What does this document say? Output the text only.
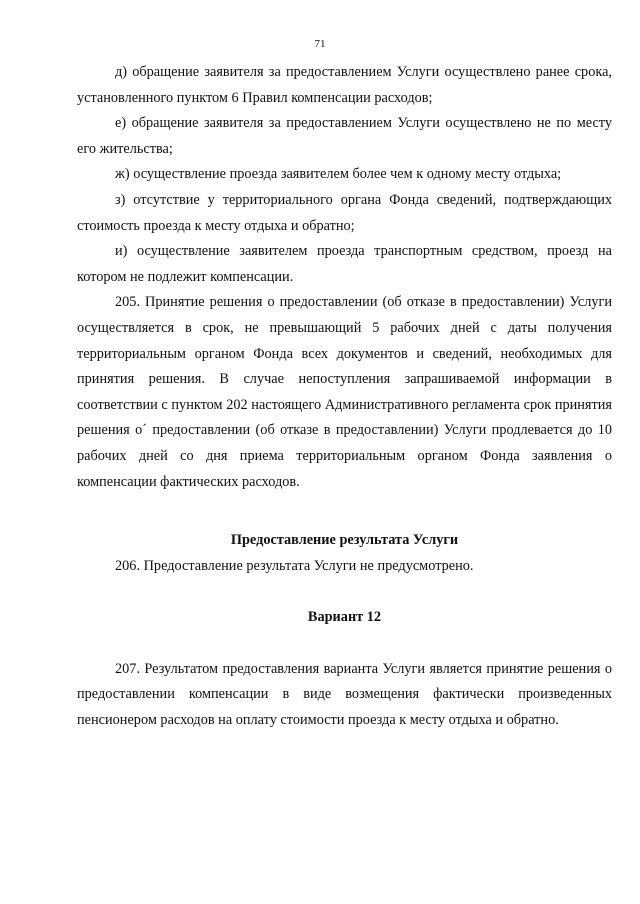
71

д) обращение заявителя за предоставлением Услуги осуществлено ранее срока, установленного пунктом 6 Правил компенсации расходов;

е) обращение заявителя за предоставлением Услуги осуществлено не по месту его жительства;

ж) осуществление проезда заявителем более чем к одному месту отдыха;

з) отсутствие у территориального органа Фонда сведений, подтверждающих стоимость проезда к месту отдыха и обратно;

и) осуществление заявителем проезда транспортным средством, проезд на котором не подлежит компенсации.

205. Принятие решения о предоставлении (об отказе в предоставлении) Услуги осуществляется в срок, не превышающий 5 рабочих дней с даты получения территориальным органом Фонда всех документов и сведений, необходимых для принятия решения. В случае непоступления запрашиваемой информации в соответствии с пунктом 202 настоящего Административного регламента срок принятия решения о´ предоставлении (об отказе в предоставлении) Услуги продлевается до 10 рабочих дней со дня приема территориальным органом Фонда заявления о компенсации фактических расходов.

Предоставление результата Услуги

206. Предоставление результата Услуги не предусмотрено.

Вариант 12

207. Результатом предоставления варианта Услуги является принятие решения о предоставлении компенсации в виде возмещения фактически произведенных пенсионером расходов на оплату стоимости проезда к месту отдыха и обратно.
